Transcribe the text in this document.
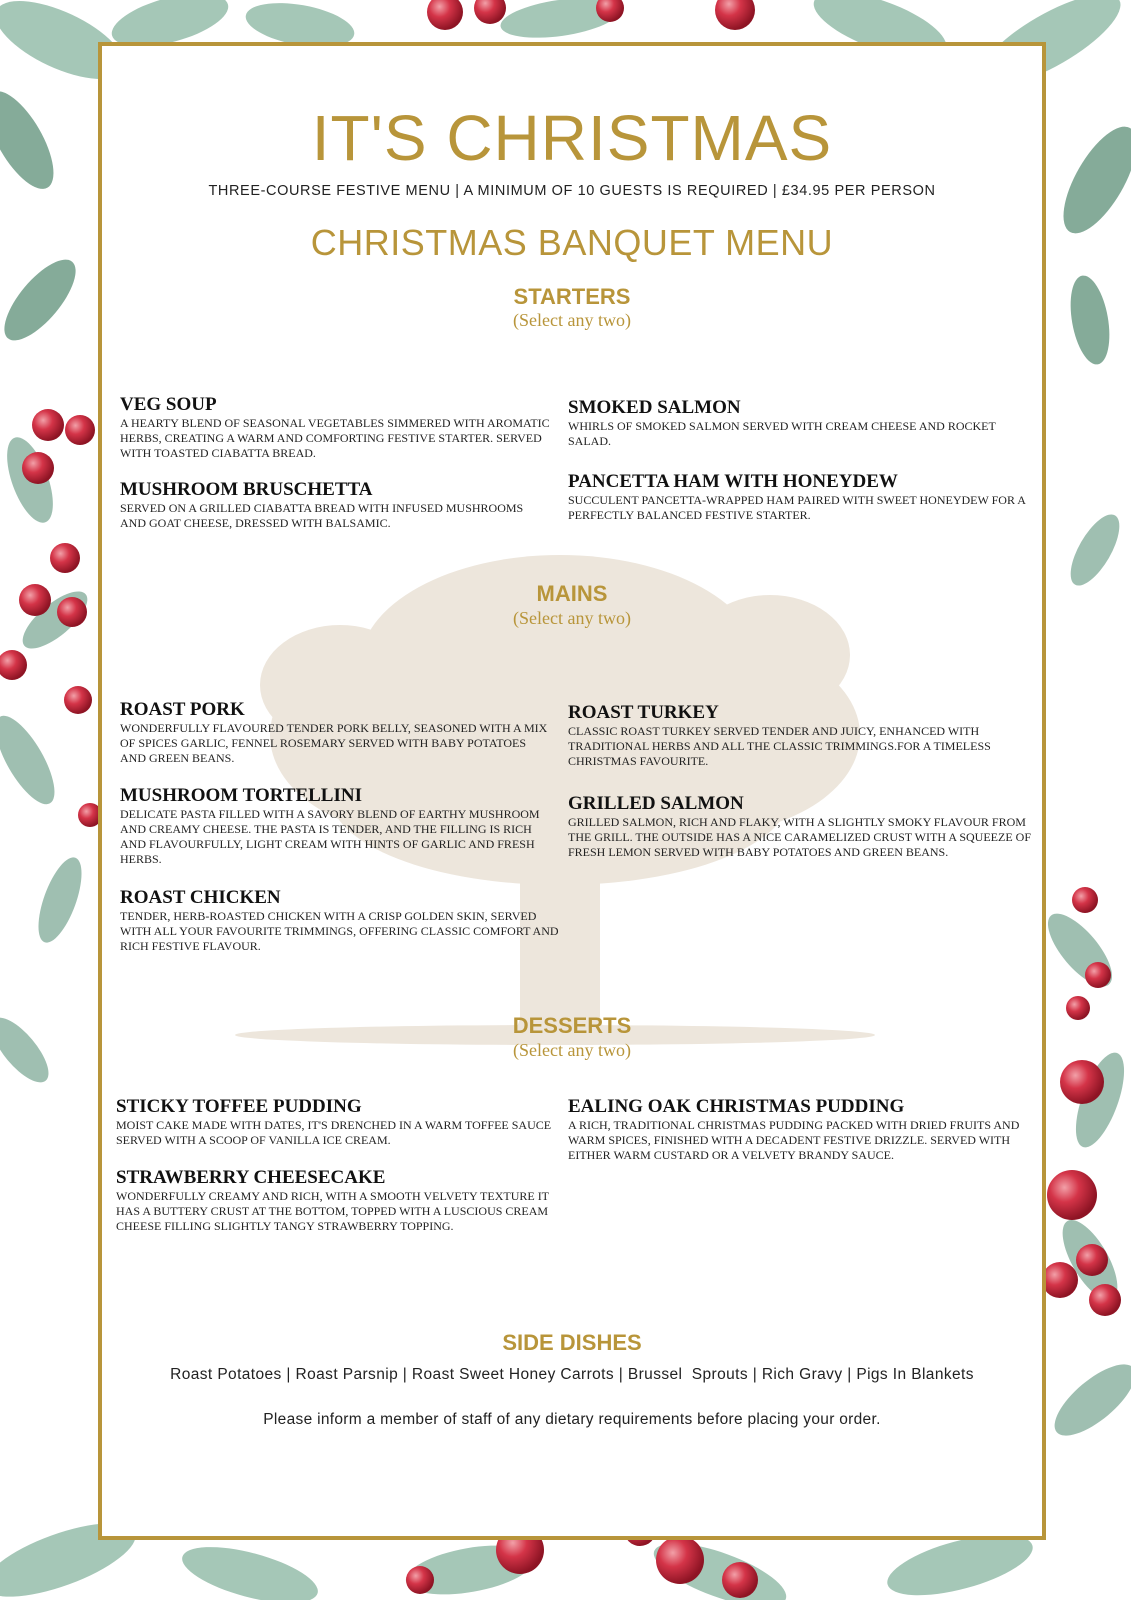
IT'S CHRISTMAS
THREE-COURSE FESTIVE MENU | A MINIMUM OF 10 GUESTS IS REQUIRED | £34.95 PER PERSON
CHRISTMAS BANQUET MENU
STARTERS
(Select any two)
VEG SOUP
A HEARTY BLEND OF SEASONAL VEGETABLES SIMMERED WITH AROMATIC HERBS, CREATING A WARM AND COMFORTING FESTIVE STARTER. SERVED WITH TOASTED CIABATTA BREAD.
SMOKED SALMON
WHIRLS OF SMOKED SALMON SERVED WITH CREAM CHEESE AND ROCKET SALAD.
MUSHROOM BRUSCHETTA
SERVED ON A GRILLED CIABATTA BREAD WITH INFUSED MUSHROOMS AND GOAT CHEESE, DRESSED WITH BALSAMIC.
PANCETTA HAM WITH HONEYDEW
SUCCULENT PANCETTA-WRAPPED HAM PAIRED WITH SWEET HONEYDEW FOR A PERFECTLY BALANCED FESTIVE STARTER.
MAINS
(Select any two)
ROAST PORK
WONDERFULLY FLAVOURED TENDER PORK BELLY, SEASONED WITH A MIX OF SPICES GARLIC, FENNEL ROSEMARY SERVED WITH BABY POTATOES AND GREEN BEANS.
ROAST TURKEY
CLASSIC ROAST TURKEY SERVED TENDER AND JUICY, ENHANCED WITH TRADITIONAL HERBS AND ALL THE CLASSIC TRIMMINGS.FOR A TIMELESS CHRISTMAS FAVOURITE.
MUSHROOM TORTELLINI
DELICATE PASTA FILLED WITH A SAVORY BLEND OF EARTHY MUSHROOM AND CREAMY CHEESE. THE PASTA IS TENDER, AND THE FILLING IS RICH AND FLAVOURFULLY, LIGHT CREAM WITH HINTS OF GARLIC AND FRESH HERBS.
GRILLED SALMON
GRILLED SALMON, RICH AND FLAKY, WITH A SLIGHTLY SMOKY FLAVOUR FROM THE GRILL. THE OUTSIDE HAS A NICE CARAMELIZED CRUST WITH A SQUEEZE OF FRESH LEMON SERVED WITH BABY POTATOES AND GREEN BEANS.
ROAST CHICKEN
TENDER, HERB-ROASTED CHICKEN WITH A CRISP GOLDEN SKIN, SERVED WITH ALL YOUR FAVOURITE TRIMMINGS, OFFERING CLASSIC COMFORT AND RICH FESTIVE FLAVOUR.
DESSERTS
(Select any two)
STICKY TOFFEE PUDDING
MOIST CAKE MADE WITH DATES, IT'S DRENCHED IN A WARM TOFFEE SAUCE SERVED WITH A SCOOP OF VANILLA ICE CREAM.
EALING OAK CHRISTMAS PUDDING
A RICH, TRADITIONAL CHRISTMAS PUDDING PACKED WITH DRIED FRUITS AND WARM SPICES, FINISHED WITH A DECADENT FESTIVE DRIZZLE. SERVED WITH EITHER WARM CUSTARD OR A VELVETY BRANDY SAUCE.
STRAWBERRY CHEESECAKE
WONDERFULLY CREAMY AND RICH, WITH A SMOOTH VELVETY TEXTURE IT HAS A BUTTERY CRUST AT THE BOTTOM, TOPPED WITH A LUSCIOUS CREAM CHEESE FILLING SLIGHTLY TANGY STRAWBERRY TOPPING.
SIDE DISHES
Roast Potatoes | Roast Parsnip | Roast Sweet Honey Carrots | Brussel  Sprouts | Rich Gravy | Pigs In Blankets
Please inform a member of staff of any dietary requirements before placing your order.
